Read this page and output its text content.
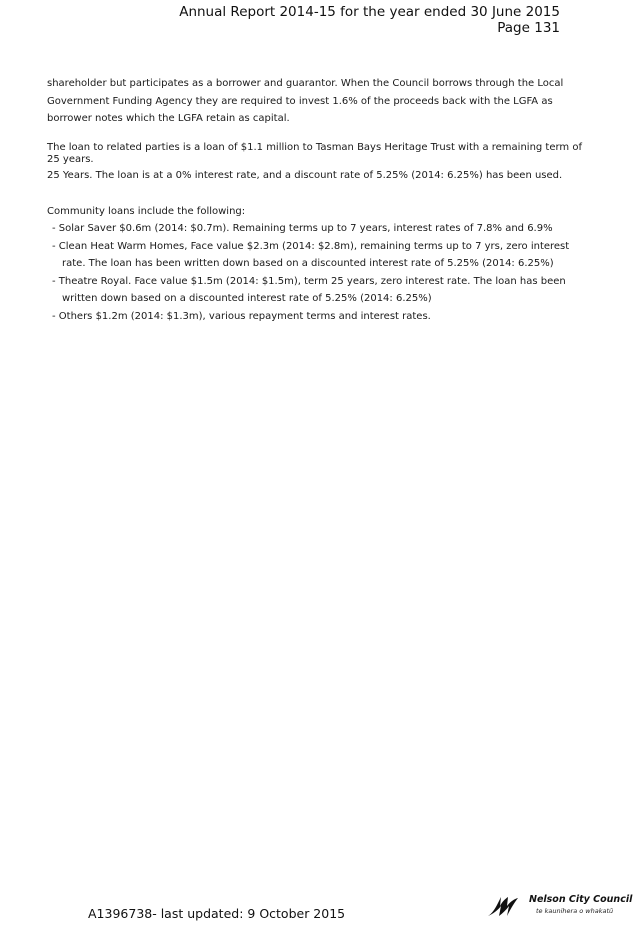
Annual Report 2014-15 for the year ended 30 June 2015
Page 131

shareholder but participates as a borrower and guarantor. When the Council borrows through the Local Government Funding Agency they are required to invest 1.6% of the proceeds back with the LGFA as borrower notes which the LGFA retain as capital.

The loan to related parties is a loan of $1.1 million to Tasman Bays Heritage Trust with a remaining term of 25 years.

25 Years. The loan is at a 0% interest rate, and a discount rate of 5.25% (2014: 6.25%) has been used.

Community loans include the following:

- Solar Saver $0.6m (2014: $0.7m). Remaining terms up to 7 years, interest rates of 7.8% and 6.9%
- Clean Heat Warm Homes, Face value $2.3m (2014: $2.8m), remaining terms up to 7 yrs, zero interest rate. The loan has been written down based on a discounted interest rate of 5.25% (2014: 6.25%)
- Theatre Royal. Face value $1.5m (2014: $1.5m), term 25 years, zero interest rate. The loan has been written down based on a discounted interest rate of 5.25% (2014: 6.25%)
- Others $1.2m (2014: $1.3m), various repayment terms and interest rates.
A1396738- last updated: 9 October 2015
Nelson City Council
te kaunihera o whakatū
